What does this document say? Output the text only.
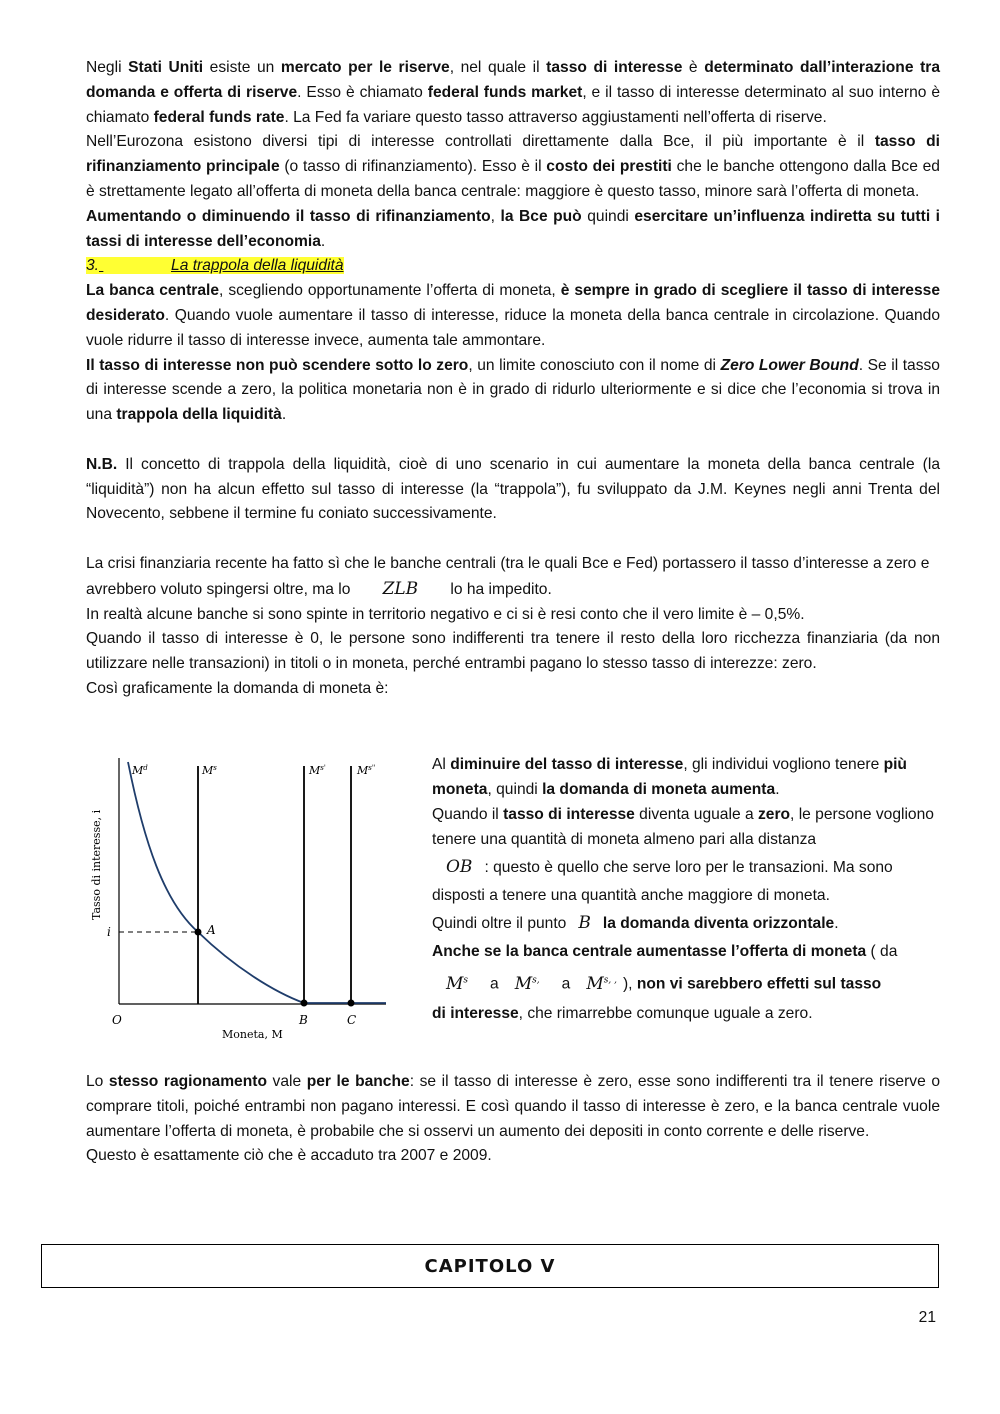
Negli Stati Uniti esiste un mercato per le riserve, nel quale il tasso di interesse è determinato dall’interazione tra domanda e offerta di riserve. Esso è chiamato federal funds market, e il tasso di interesse determinato al suo interno è chiamato federal funds rate. La Fed fa variare questo tasso attraverso aggiustamenti nell’offerta di riserve.

Nell’Eurozona esistono diversi tipi di interesse controllati direttamente dalla Bce, il più importante è il tasso di rifinanziamento principale (o tasso di rifinanziamento). Esso è il costo dei prestiti che le banche ottengono dalla Bce ed è strettamente legato all’offerta di moneta della banca centrale: maggiore è questo tasso, minore sarà l’offerta di moneta.

Aumentando o diminuendo il tasso di rifinanziamento, la Bce può quindi esercitare un’influenza indiretta su tutti i tassi di interesse dell’economia.

3.	La trappola della liquidità

La banca centrale, scegliendo opportunamente l’offerta di moneta, è sempre in grado di scegliere il tasso di interesse desiderato. Quando vuole aumentare il tasso di interesse, riduce la moneta della banca centrale in circolazione. Quando vuole ridurre il tasso di interesse invece, aumenta tale ammontare.

Il tasso di interesse non può scendere sotto lo zero, un limite conosciuto con il nome di Zero Lower Bound. Se il tasso di interesse scende a zero, la politica monetaria non è in grado di ridurlo ulteriormente e si dice che l’economia si trova in una trappola della liquidità.

N.B. Il concetto di trappola della liquidità, cioè di uno scenario in cui aumentare la moneta della banca centrale (la “liquidità”) non ha alcun effetto sul tasso di interesse (la “trappola”), fu sviluppato da J.M. Keynes negli anni Trenta del Novecento, sebbene il termine fu coniato successivamente.

La crisi finanziaria recente ha fatto sì che le banche centrali (tra le quali Bce e Fed) portassero il tasso d’interesse a zero e avrebbero voluto spingersi oltre, ma lo ZLB lo ha impedito.

In realtà alcune banche si sono spinte in territorio negativo e ci si è resi conto che il vero limite è – 0,5%.

Quando il tasso di interesse è 0, le persone sono indifferenti tra tenere il resto della loro ricchezza finanziaria (da non utilizzare nelle transazioni) in titoli o in moneta, perché entrambi pagano lo stesso tasso di interezze: zero.

Così graficamente la domanda di moneta è:

$M^d$	$M^s$	$M^{s'}$	$M^{s''}$
A
i
O	B	C
Moneta, M
Tasso di interesse, i

Al diminuire del tasso di interesse, gli individui vogliono tenere più moneta, quindi la domanda di moneta aumenta.

Quando il tasso di interesse diventa uguale a zero, le persone vogliono tenere una quantità di moneta almeno pari alla distanza

OB : questo è quello che serve loro per le transazioni. Ma sono

disposti a tenere una quantità anche maggiore di moneta.

Quindi oltre il punto B la domanda diventa orizzontale.

Anche se la banca centrale aumentasse l’offerta di moneta ( da

$M^s$ a $M^{s,}$ a $M^{s, ,}$ ), non vi sarebbero effetti sul tasso

di interesse, che rimarrebbe comunque uguale a zero.

Lo stesso ragionamento vale per le banche: se il tasso di interesse è zero, esse sono indifferenti tra il tenere riserve o comprare titoli, poiché entrambi non pagano interessi. E così quando il tasso di interesse è zero, e la banca centrale vuole aumentare l’offerta di moneta, è probabile che si osservi un aumento dei depositi in conto corrente e delle riserve.

Questo è esattamente ciò che è accaduto tra 2007 e 2009.

CAPITOLO V
21
